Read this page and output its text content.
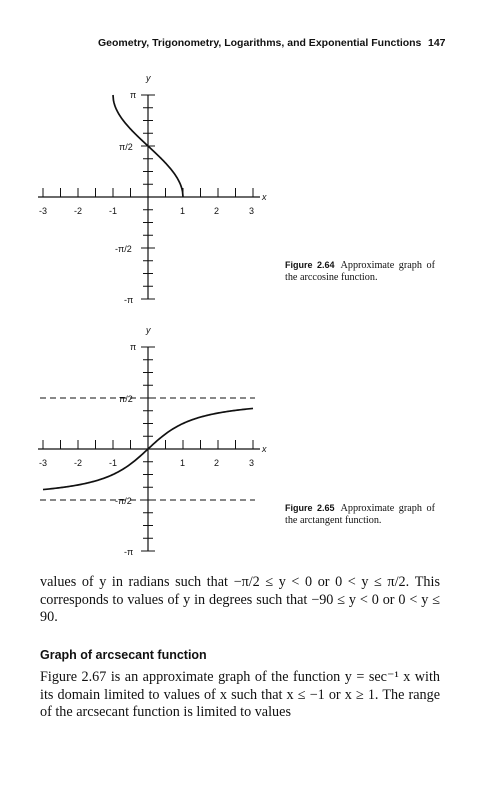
Geometry, Trigonometry, Logarithms, and Exponential Functions 147
y
x
π
π/2
-π/2
-π
-3	-2	-1	1	2	3
Figure 2.64 Approximate graph of the arccosine function.
y
x
π
π/2
-π/2
-π
-3	-2	-1	1	2	3
Figure 2.65 Approximate graph of the arctangent function.
values of y in radians such that −π/2 ≤ y < 0 or 0 < y ≤ π/2. This corresponds to values of y in degrees such that −90 ≤ y < 0 or 0 < y ≤ 90.
Graph of arcsecant function
Figure 2.67 is an approximate graph of the function y = sec⁻¹ x with its domain limited to values of x such that x ≤ −1 or x ≥ 1. The range of the arcsecant function is limited to values
